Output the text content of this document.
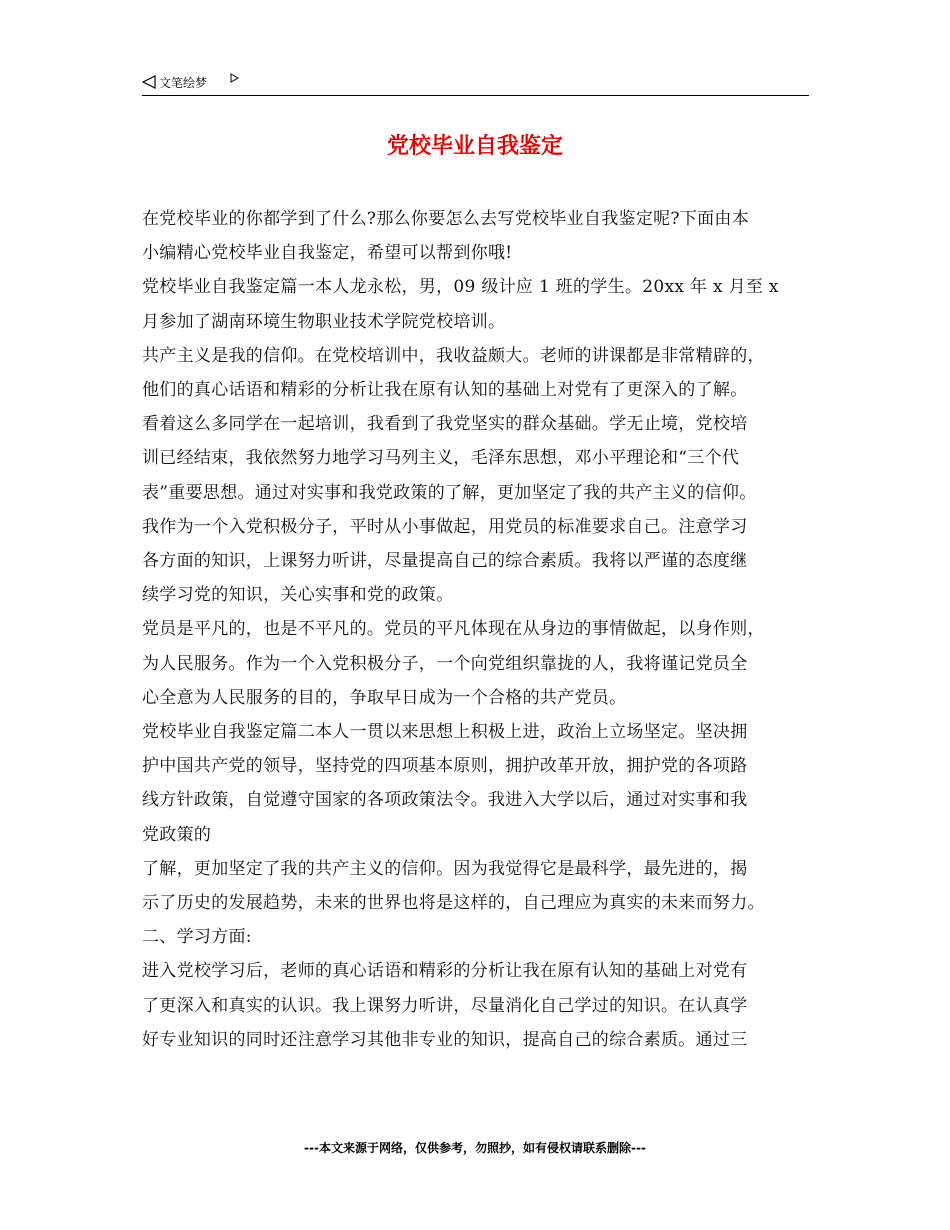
文笔绘梦
党校毕业自我鉴定

在党校毕业的你都学到了什么?那么你要怎么去写党校毕业自我鉴定呢?下面由本
小编精心党校毕业自我鉴定，希望可以帮到你哦!
党校毕业自我鉴定篇一本人龙永松，男，09 级计应 1 班的学生。20xx 年 x 月至 x
月参加了湖南环境生物职业技术学院党校培训。
共产主义是我的信仰。在党校培训中，我收益颇大。老师的讲课都是非常精辟的，
他们的真心话语和精彩的分析让我在原有认知的基础上对党有了更深入的了解。
看着这么多同学在一起培训，我看到了我党坚实的群众基础。学无止境，党校培
训已经结束，我依然努力地学习马列主义，毛泽东思想，邓小平理论和“三个代
表”重要思想。通过对实事和我党政策的了解，更加坚定了我的共产主义的信仰。
我作为一个入党积极分子，平时从小事做起，用党员的标准要求自己。注意学习
各方面的知识，上课努力听讲，尽量提高自己的综合素质。我将以严谨的态度继
续学习党的知识，关心实事和党的政策。
党员是平凡的，也是不平凡的。党员的平凡体现在从身边的事情做起，以身作则，
为人民服务。作为一个入党积极分子，一个向党组织靠拢的人，我将谨记党员全
心全意为人民服务的目的，争取早日成为一个合格的共产党员。
党校毕业自我鉴定篇二本人一贯以来思想上积极上进，政治上立场坚定。坚决拥
护中国共产党的领导，坚持党的四项基本原则，拥护改革开放，拥护党的各项路
线方针政策，自觉遵守国家的各项政策法令。我进入大学以后，通过对实事和我
党政策的
了解，更加坚定了我的共产主义的信仰。因为我觉得它是最科学，最先进的，揭
示了历史的发展趋势，未来的世界也将是这样的，自己理应为真实的未来而努力。
二、学习方面:
进入党校学习后，老师的真心话语和精彩的分析让我在原有认知的基础上对党有
了更深入和真实的认识。我上课努力听讲，尽量消化自己学过的知识。在认真学
好专业知识的同时还注意学习其他非专业的知识，提高自己的综合素质。通过三

---本文来源于网络，仅供参考，勿照抄，如有侵权请联系删除---
